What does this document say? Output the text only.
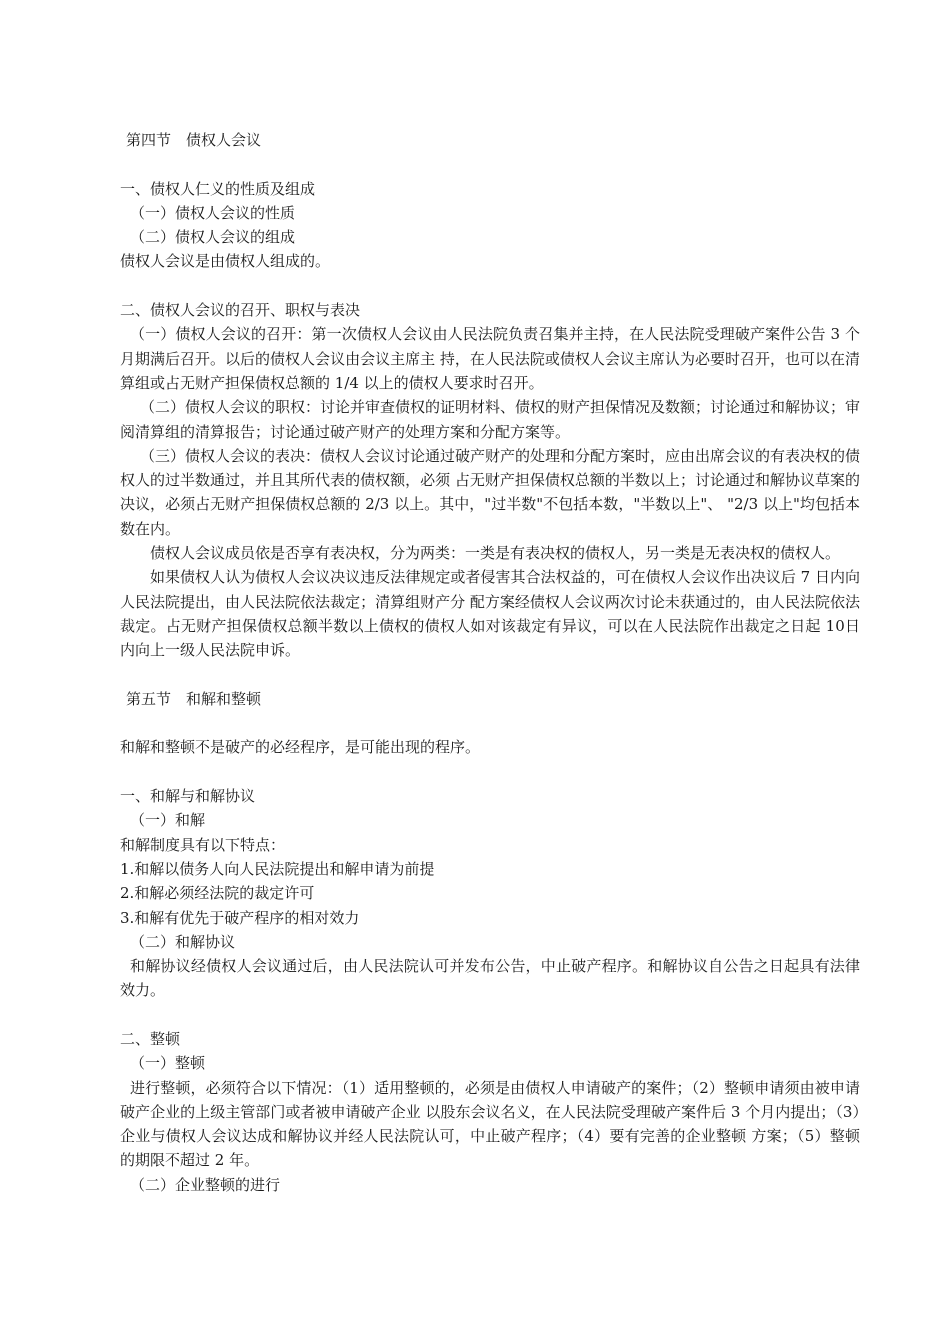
第四节　债权人会议
一、债权人仁义的性质及组成
（一）债权人会议的性质
（二）债权人会议的组成
债权人会议是由债权人组成的。
二、债权人会议的召开、职权与表决
（一）债权人会议的召开：第一次债权人会议由人民法院负责召集并主持，在人民法院受理破产案件公告 3 个月期满后召开。以后的债权人会议由会议主席主 持，在人民法院或债权人会议主席认为必要时召开，也可以在清算组或占无财产担保债权总额的 1/4 以上的债权人要求时召开。
（二）债权人会议的职权：讨论并审查债权的证明材料、债权的财产担保情况及数额；讨论通过和解协议；审阅清算组的清算报告；讨论通过破产财产的处理方案和分配方案等。
（三）债权人会议的表决：债权人会议讨论通过破产财产的处理和分配方案时，应由出席会议的有表决权的债权人的过半数通过，并且其所代表的债权额，必须 占无财产担保债权总额的半数以上；讨论通过和解协议草案的决议，必须占无财产担保债权总额的 2/3 以上。其中，"过半数"不包括本数，"半数以上"、 "2/3 以上"均包括本数在内。
债权人会议成员依是否享有表决权，分为两类：一类是有表决权的债权人，另一类是无表决权的债权人。
如果债权人认为债权人会议决议违反法律规定或者侵害其合法权益的，可在债权人会议作出决议后 7 日内向人民法院提出，由人民法院依法裁定；清算组财产分 配方案经债权人会议两次讨论未获通过的，由人民法院依法裁定。占无财产担保债权总额半数以上债权的债权人如对该裁定有异议，可以在人民法院作出裁定之日起 10日内向上一级人民法院申诉。
第五节　和解和整顿
和解和整顿不是破产的必经程序，是可能出现的程序。
一、和解与和解协议
（一）和解
和解制度具有以下特点：
1.和解以债务人向人民法院提出和解申请为前提
2.和解必须经法院的裁定许可
3.和解有优先于破产程序的相对效力
（二）和解协议
和解协议经债权人会议通过后，由人民法院认可并发布公告，中止破产程序。和解协议自公告之日起具有法律效力。
二、整顿
（一）整顿
进行整顿，必须符合以下情况：（1）适用整顿的，必须是由债权人申请破产的案件；（2）整顿申请须由被申请破产企业的上级主管部门或者被申请破产企业 以股东会议名义，在人民法院受理破产案件后 3 个月内提出；（3）企业与债权人会议达成和解协议并经人民法院认可，中止破产程序；（4）要有完善的企业整顿 方案；（5）整顿的期限不超过 2 年。
（二）企业整顿的进行
